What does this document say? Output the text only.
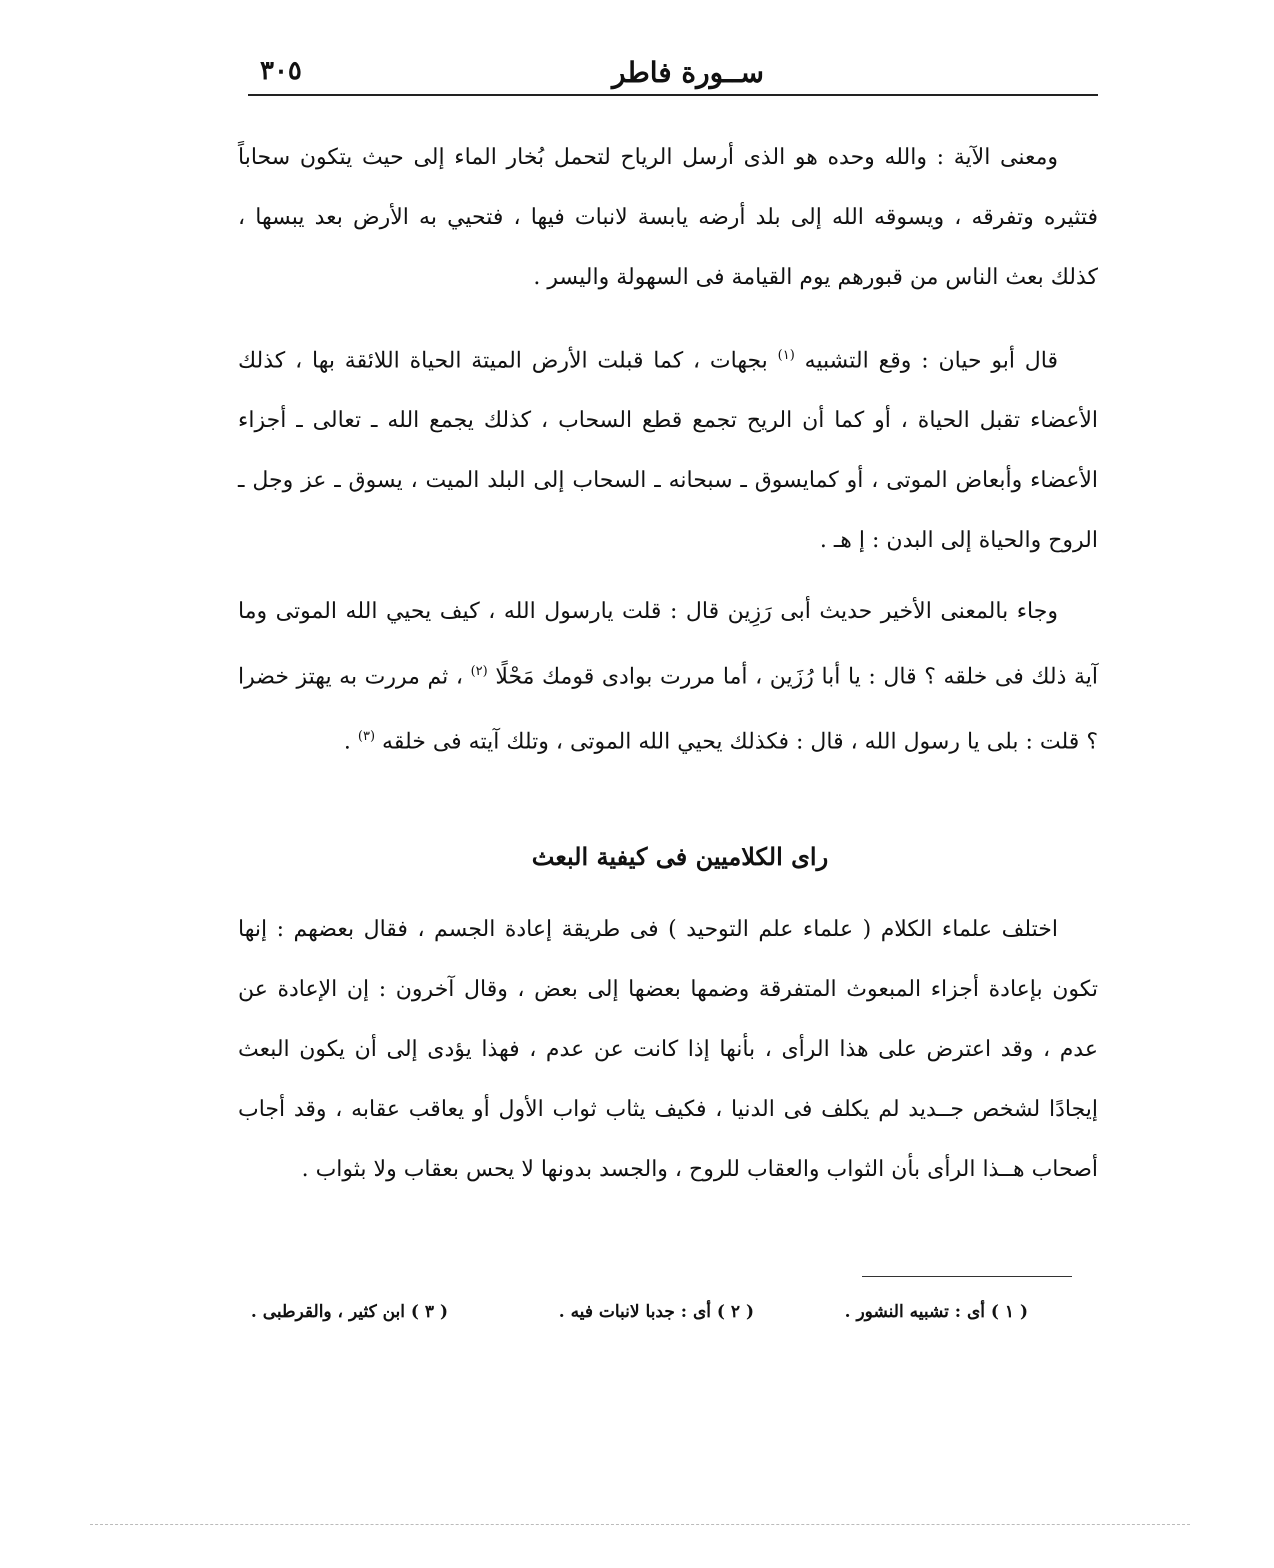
ســورة فاطر
٣٠٥
ومعنى الآية : والله وحده هو الذى أرسل الرياح لتحمل بُخار الماء إلى حيث يتكون سحاباً فتثيره وتفرقه ، ويسوقه الله إلى بلد أرضه يابسة لانبات فيها ، فتحيي به الأرض بعد يبسها ، كذلك بعث الناس من قبورهم يوم القيامة فى السهولة واليسر .
قال أبو حيان : وقع التشبيه $^{(١)}$ بجهات ، كما قبلت الأرض الميتة الحياة اللائقة بها ، كذلك الأعضاء تقبل الحياة ، أو كما أن الريح تجمع قطع السحاب ، كذلك يجمع الله ـ تعالى ـ أجزاء الأعضاء وأبعاض الموتى ، أو كمايسوق ـ سبحانه ـ السحاب إلى البلد الميت ، يسوق ـ عز وجل ـ الروح والحياة إلى البدن : إ هـ .
وجاء بالمعنى الأخير حديث أبى رَزِين قال : قلت يارسول الله ، كيف يحيي الله الموتى وما آية ذلك فى خلقه ؟ قال : يا أبا رُزَين ، أما مررت بوادى قومك مَحْلًا $^{(٢)}$ ، ثم مررت به يهتز خضرا ؟ قلت : بلى يا رسول الله ، قال : فكذلك يحيي الله الموتى ، وتلك آيته فى خلقه $^{(٣)}$ .
راى الكلاميين فى كيفية البعث
اختلف علماء الكلام ( علماء علم التوحيد ) فى طريقة إعادة الجسم ، فقال بعضهم : إنها تكون بإعادة أجزاء المبعوث المتفرقة وضمها بعضها إلى بعض ، وقال آخرون : إن الإعادة عن عدم ، وقد اعترض على هذا الرأى ، بأنها إذا كانت عن عدم ، فهذا يؤدى إلى أن يكون البعث إيجادًا لشخص جــديد لم يكلف فى الدنيا ، فكيف يثاب ثواب الأول أو يعاقب عقابه ، وقد أجاب أصحاب هــذا الرأى بأن الثواب والعقاب للروح ، والجسد بدونها لا يحس بعقاب ولا بثواب .
( ١ ) أى : تشبيه النشور .
( ٢ ) أى : جدبا لانبات فيه .
( ٣ ) ابن كثير ، والقرطبى .
